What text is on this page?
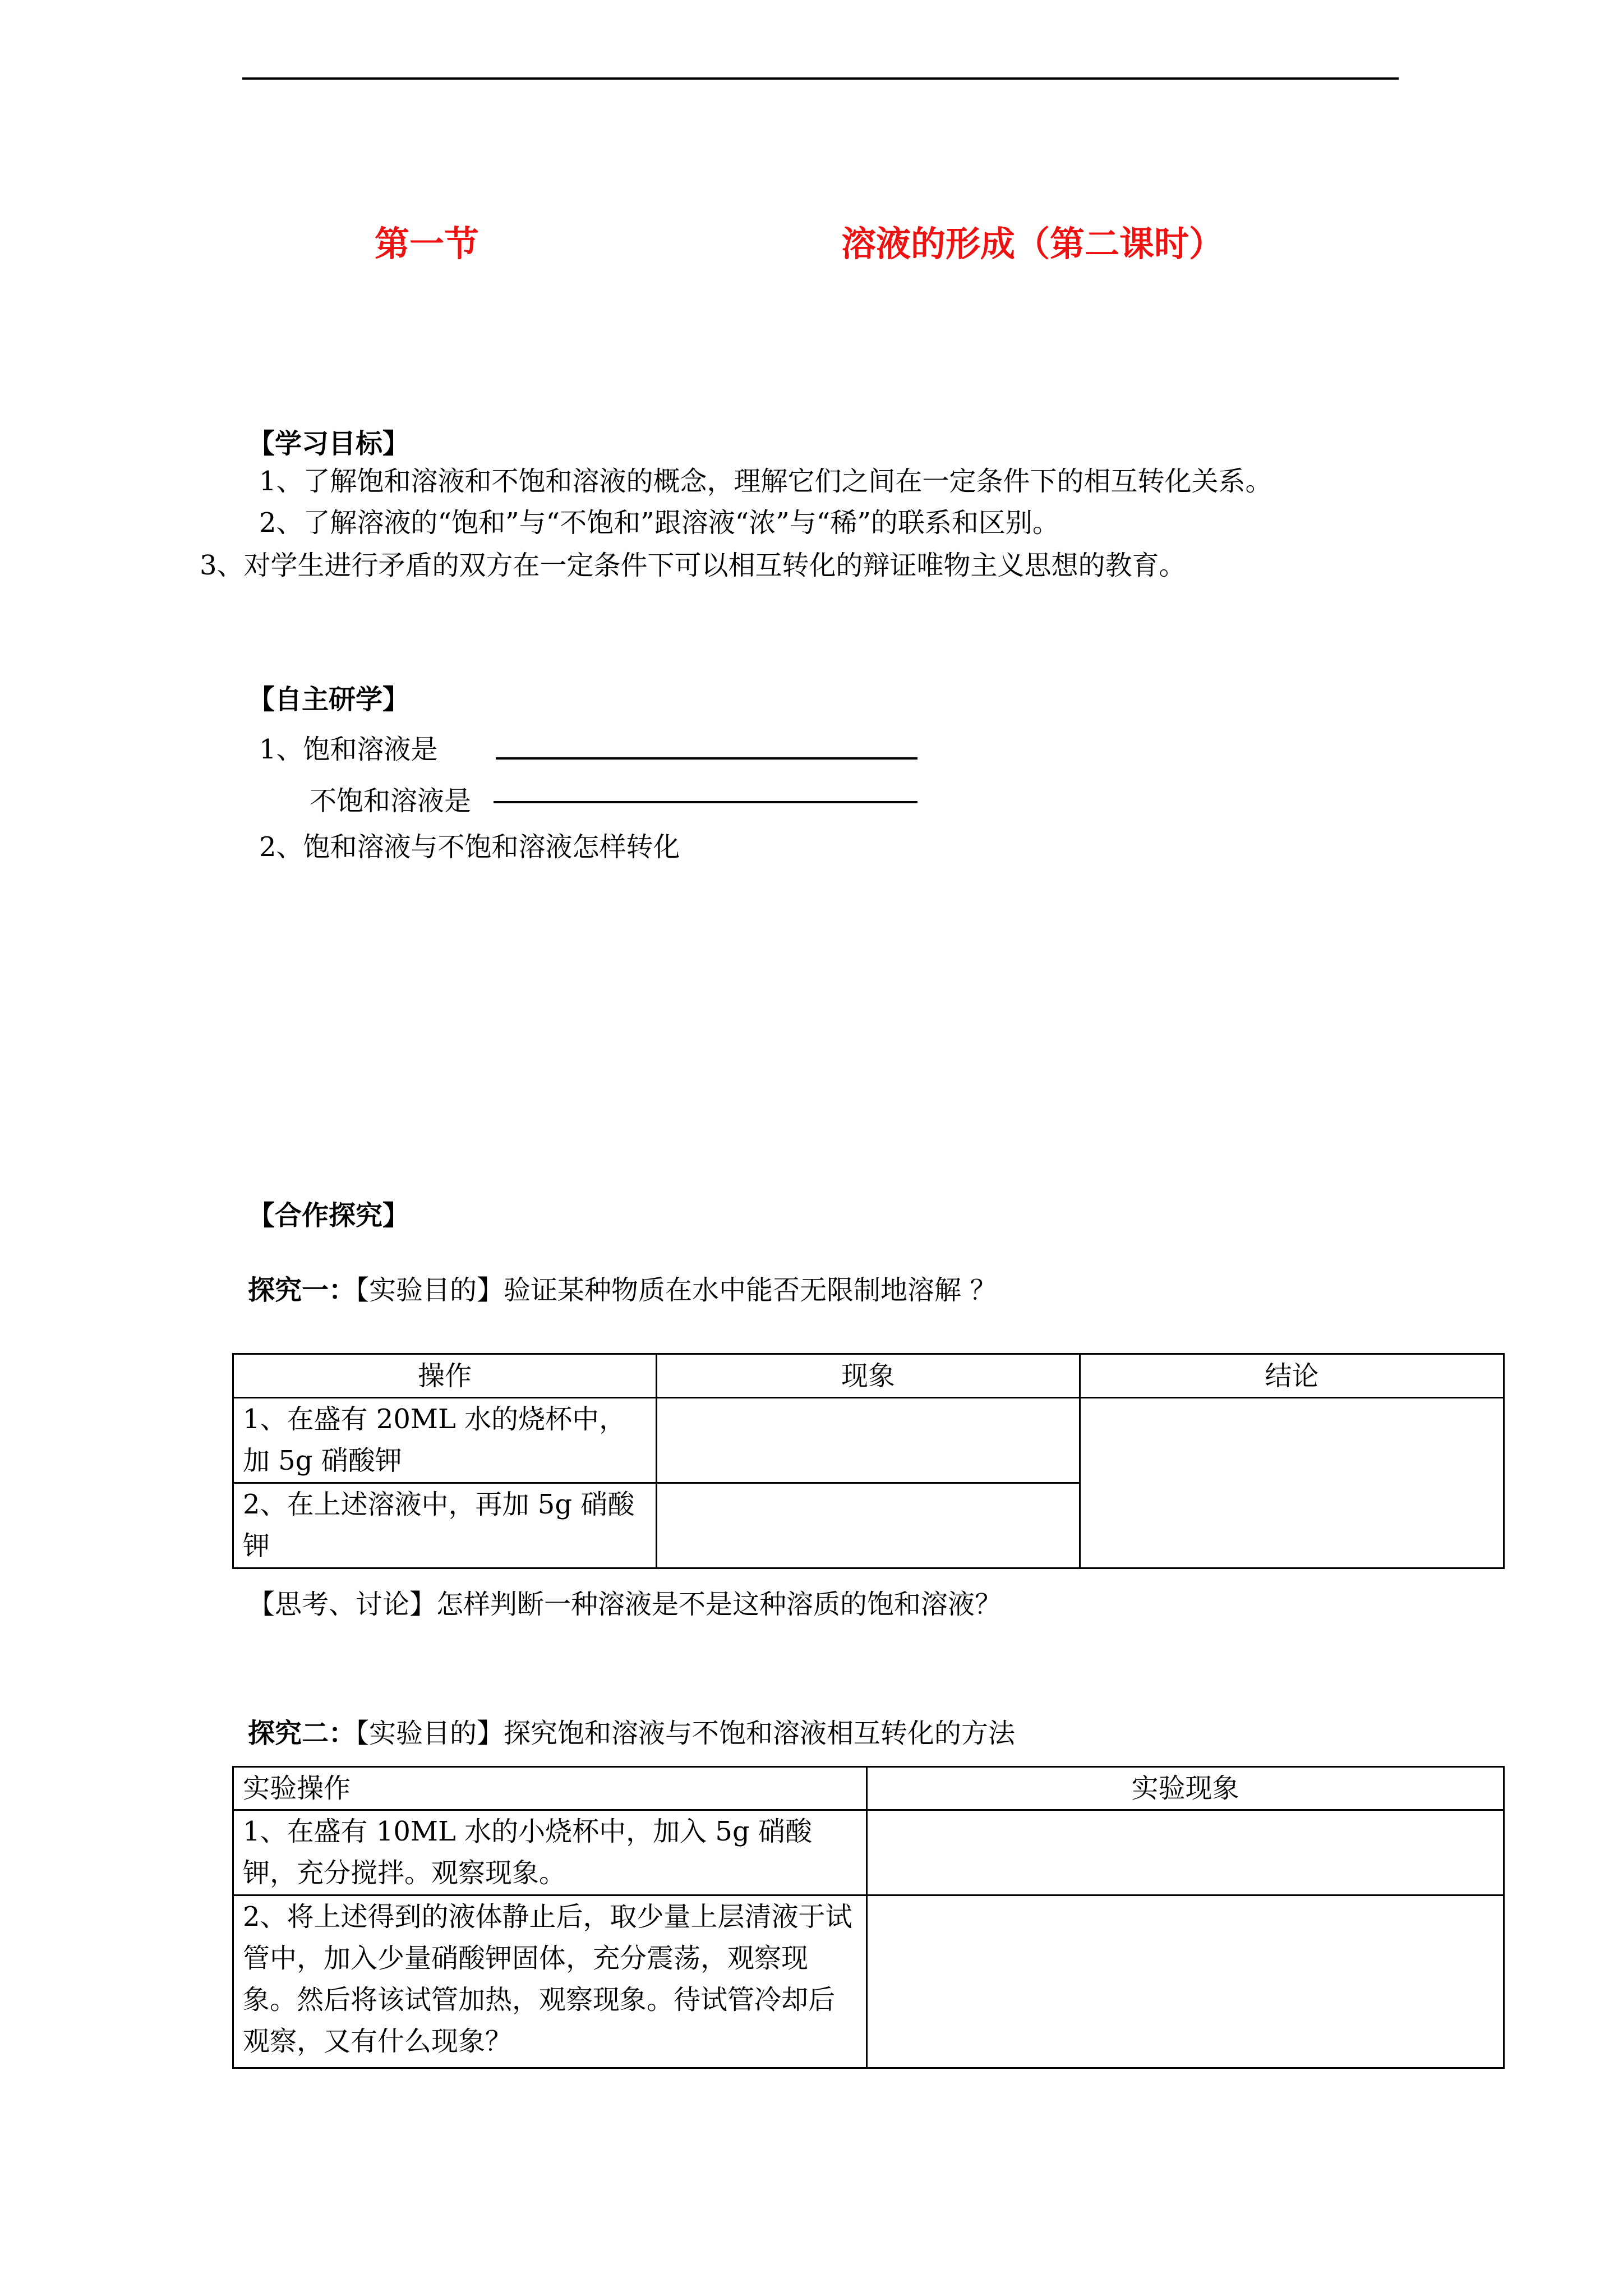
第一节	溶液的形成（第二课时）
【学习目标】
1、了解饱和溶液和不饱和溶液的概念，理解它们之间在一定条件下的相互转化关系。
2、了解溶液的“饱和”与“不饱和”跟溶液“浓”与“稀”的联系和区别。
3、对学生进行矛盾的双方在一定条件下可以相互转化的辩证唯物主义思想的教育。
【自主研学】
1、饱和溶液是
不饱和溶液是
2、饱和溶液与不饱和溶液怎样转化
【合作探究】
探究一：【实验目的】验证某种物质在水中能否无限制地溶解 ？
操作	现象	结论
1、在盛有 20ML 水的烧杯中，加 5g 硝酸钾		
2、在上述溶液中，再加 5g 硝酸钾		
【思考、讨论】怎样判断一种溶液是不是这种溶质的饱和溶液？
探究二：【实验目的】探究饱和溶液与不饱和溶液相互转化的方法
实验操作	实验现象
1、在盛有 10ML 水的小烧杯中，加入 5g 硝酸钾，充分搅拌。观察现象。	
2、将上述得到的液体静止后，取少量上层清液于试管中，加入少量硝酸钾固体，充分震荡，观察现象。然后将该试管加热，观察现象。待试管冷却后观察，又有什么现象？	
